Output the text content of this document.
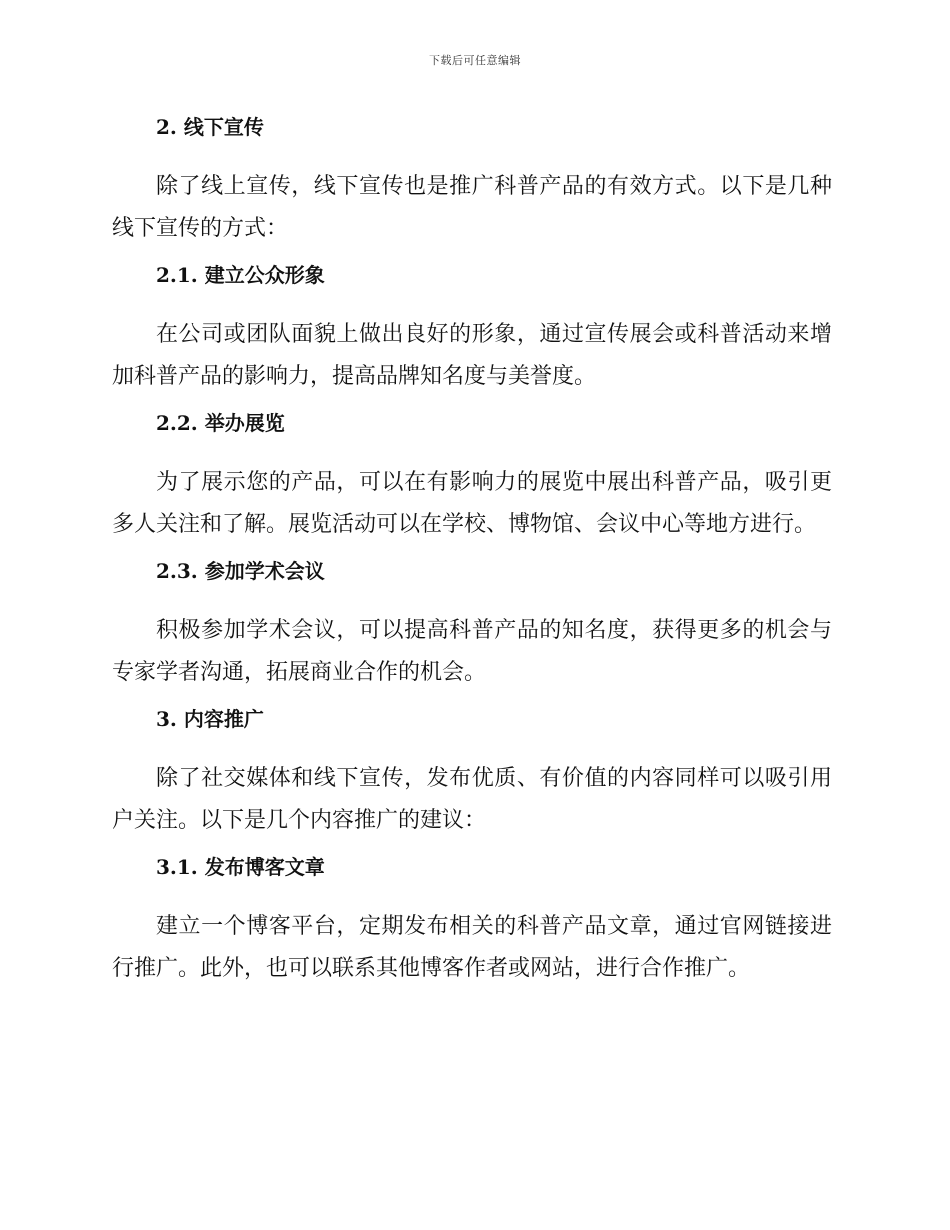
下载后可任意编辑
2. 线下宣传

除了线上宣传，线下宣传也是推广科普产品的有效方式。以下是几种线下宣传的方式：

2.1. 建立公众形象

在公司或团队面貌上做出良好的形象，通过宣传展会或科普活动来增加科普产品的影响力，提高品牌知名度与美誉度。

2.2. 举办展览

为了展示您的产品，可以在有影响力的展览中展出科普产品，吸引更多人关注和了解。展览活动可以在学校、博物馆、会议中心等地方进行。

2.3. 参加学术会议

积极参加学术会议，可以提高科普产品的知名度，获得更多的机会与专家学者沟通，拓展商业合作的机会。

3. 内容推广

除了社交媒体和线下宣传，发布优质、有价值的内容同样可以吸引用户关注。以下是几个内容推广的建议：

3.1. 发布博客文章

建立一个博客平台，定期发布相关的科普产品文章，通过官网链接进行推广。此外，也可以联系其他博客作者或网站，进行合作推广。
